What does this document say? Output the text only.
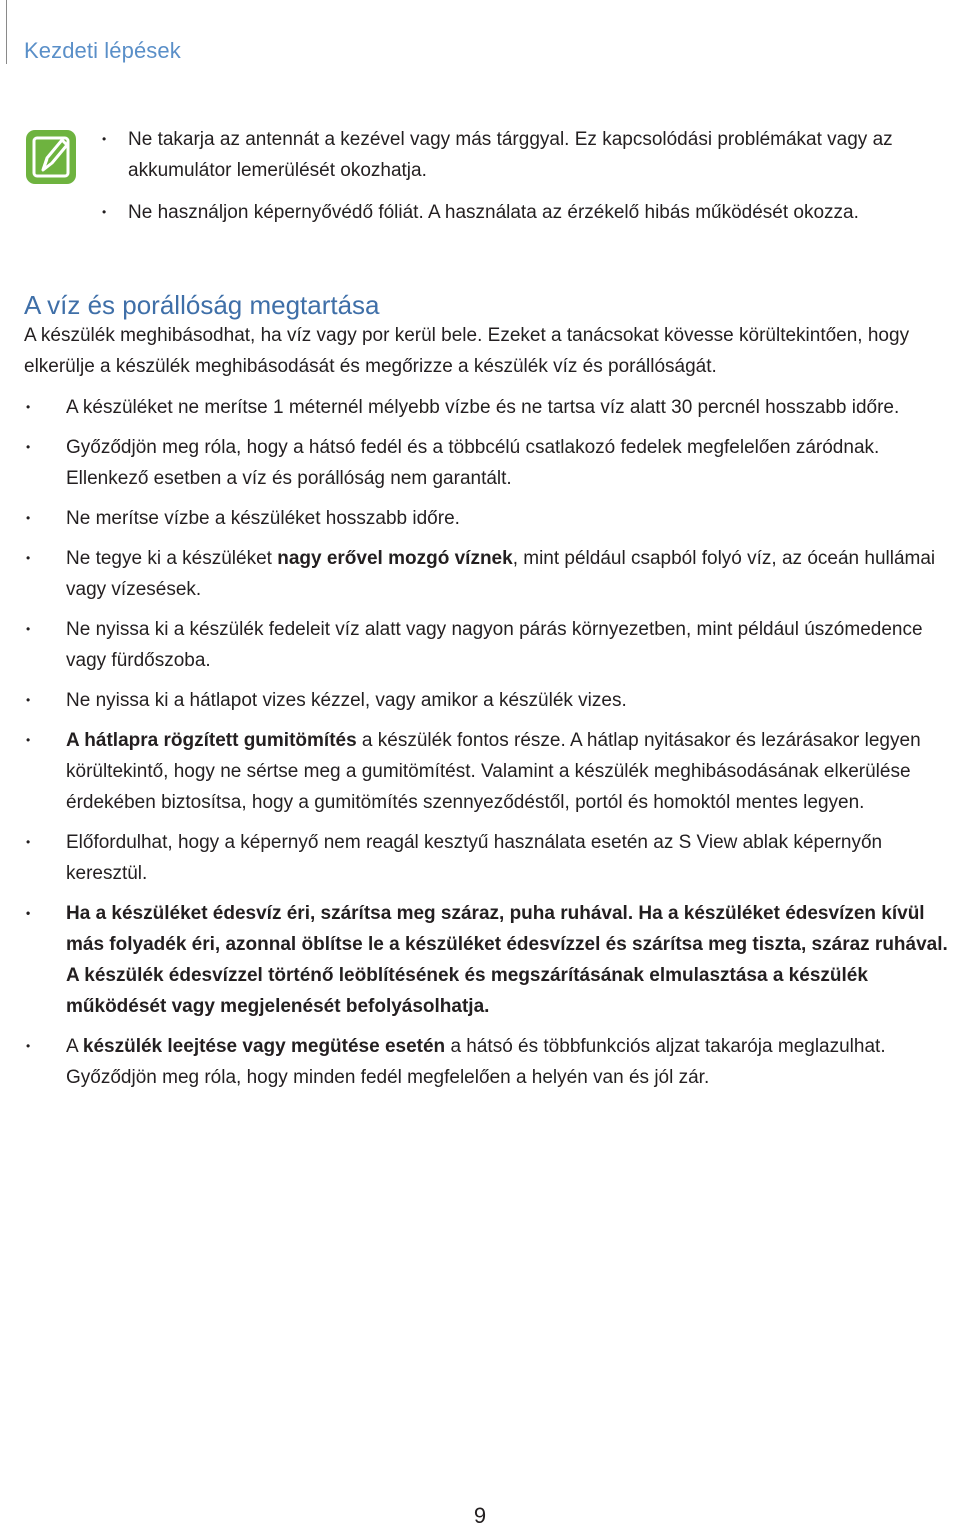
Kezdeti lépések
• Ne takarja az antennát a kezével vagy más tárggyal. Ez kapcsolódási problémákat vagy az akkumulátor lemerülését okozhatja.
• Ne használjon képernyővédő fóliát. A használata az érzékelő hibás működését okozza.
A víz és porállóság megtartása
A készülék meghibásodhat, ha víz vagy por kerül bele. Ezeket a tanácsokat kövesse körültekintően, hogy elkerülje a készülék meghibásodását és megőrizze a készülék víz és porállóságát.
• A készüléket ne merítse 1 méternél mélyebb vízbe és ne tartsa víz alatt 30 percnél hosszabb időre.
• Győződjön meg róla, hogy a hátsó fedél és a többcélú csatlakozó fedelek megfelelően záródnak. Ellenkező esetben a víz és porállóság nem garantált.
• Ne merítse vízbe a készüléket hosszabb időre.
• Ne tegye ki a készüléket nagy erővel mozgó víznek, mint például csapból folyó víz, az óceán hullámai vagy vízesések.
• Ne nyissa ki a készülék fedeleit víz alatt vagy nagyon párás környezetben, mint például úszómedence vagy fürdőszoba.
• Ne nyissa ki a hátlapot vizes kézzel, vagy amikor a készülék vizes.
• A hátlapra rögzített gumitömítés a készülék fontos része. A hátlap nyitásakor és lezárásakor legyen körültekintő, hogy ne sértse meg a gumitömítést. Valamint a készülék meghibásodásának elkerülése érdekében biztosítsa, hogy a gumitömítés szennyeződéstől, portól és homoktól mentes legyen.
• Előfordulhat, hogy a képernyő nem reagál kesztyű használata esetén az S View ablak képernyőn keresztül.
• Ha a készüléket édesvíz éri, szárítsa meg száraz, puha ruhával. Ha a készüléket édesvízen kívül más folyadék éri, azonnal öblítse le a készüléket édesvízzel és szárítsa meg tiszta, száraz ruhával. A készülék édesvízzel történő leöblítésének és megszárításának elmulasztása a készülék működését vagy megjelenését befolyásolhatja.
• A készülék leejtése vagy megütése esetén a hátsó és többfunkciós aljzat takarója meglazulhat. Győződjön meg róla, hogy minden fedél megfelelően a helyén van és jól zár.
9
